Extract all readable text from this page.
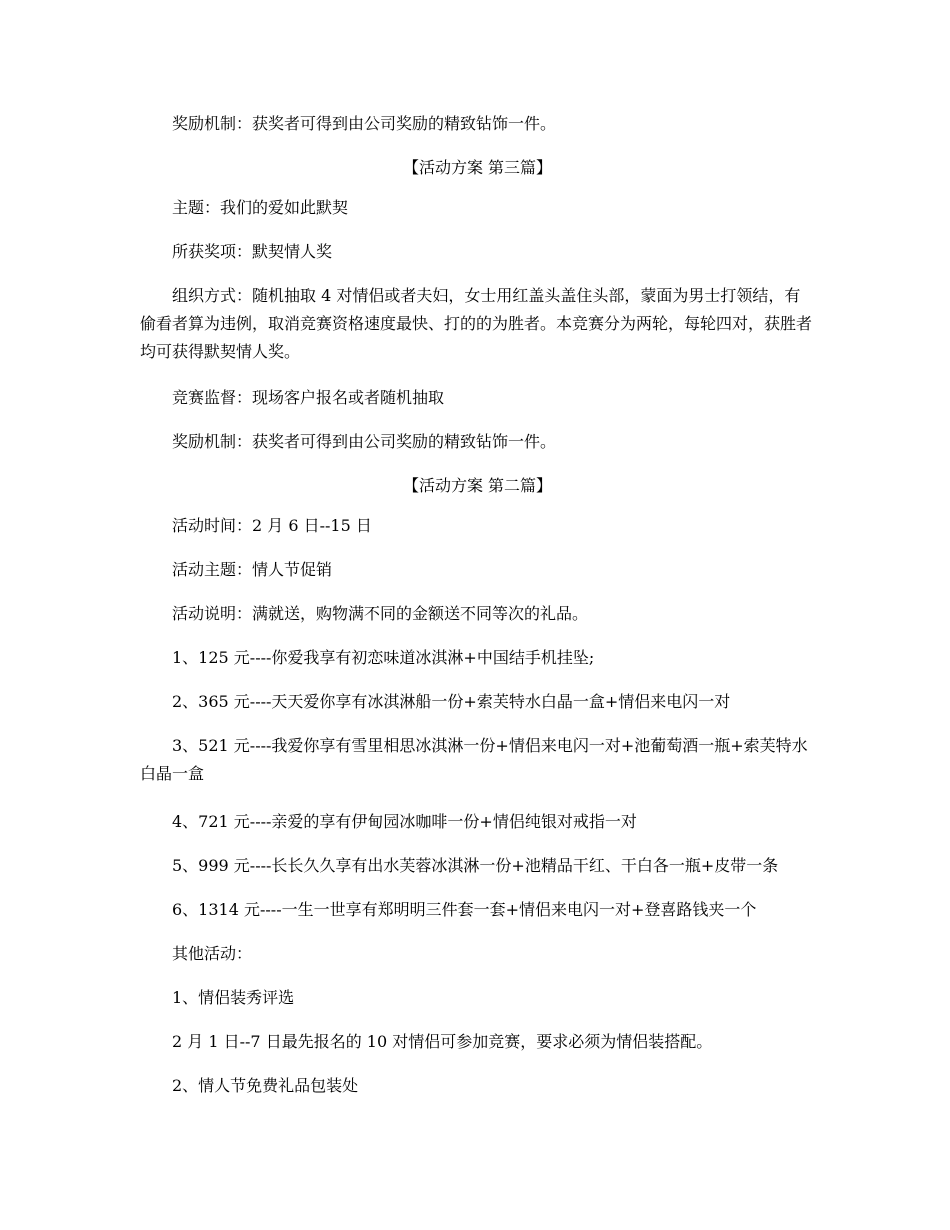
奖励机制：获奖者可得到由公司奖励的精致钻饰一件。
【活动方案 第三篇】
主题：我们的爱如此默契
所获奖项：默契情人奖
组织方式：随机抽取 4 对情侣或者夫妇，女士用红盖头盖住头部，蒙面为男士打领结，有偷看者算为违例，取消竞赛资格速度最快、打的的为胜者。本竞赛分为两轮，每轮四对，获胜者均可获得默契情人奖。
竞赛监督：现场客户报名或者随机抽取
奖励机制：获奖者可得到由公司奖励的精致钻饰一件。
【活动方案 第二篇】
活动时间：2 月 6 日--15 日
活动主题：情人节促销
活动说明：满就送，购物满不同的金额送不同等次的礼品。
1、125 元----你爱我享有初恋味道冰淇淋+中国结手机挂坠;
2、365 元----天天爱你享有冰淇淋船一份+索芙特水白晶一盒+情侣来电闪一对
3、521 元----我爱你享有雪里相思冰淇淋一份+情侣来电闪一对+池葡萄酒一瓶+索芙特水白晶一盒
4、721 元----亲爱的享有伊甸园冰咖啡一份+情侣纯银对戒指一对
5、999 元----长长久久享有出水芙蓉冰淇淋一份+池精品干红、干白各一瓶+皮带一条
6、1314 元----一生一世享有郑明明三件套一套+情侣来电闪一对+登喜路钱夹一个
其他活动：
1、情侣装秀评选
2 月 1 日--7 日最先报名的 10 对情侣可参加竞赛，要求必须为情侣装搭配。
2、情人节免费礼品包装处
